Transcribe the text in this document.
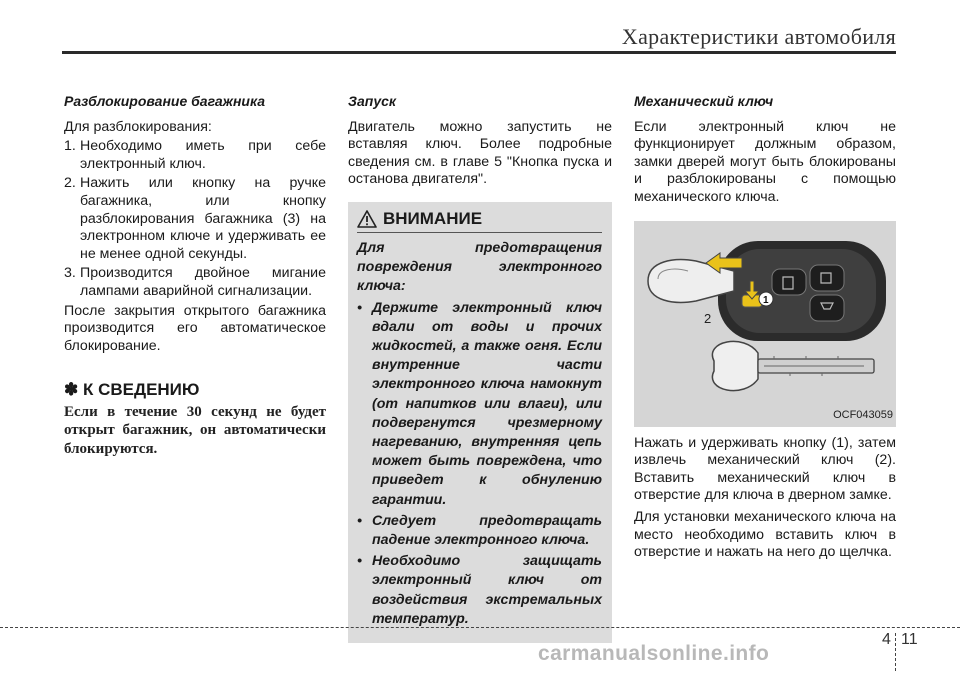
Характеристики автомобиля
Разблокирование багажника
Для разблокирования:
1. Необходимо иметь при себе электронный ключ.
2. Нажить или кнопку на ручке багажника, или кнопку разблокирования багажника (3) на электронном ключе и удерживать ее не менее одной секунды.
3. Производится двойное мигание лампами аварийной сигнализации.
После закрытия открытого багажника производится его автоматическое блокирование.
✽ К СВЕДЕНИЮ
Если в течение 30 секунд не будет открыт багажник, он автоматически блокируются.
Запуск
Двигатель можно запустить не вставляя ключ. Более подробные сведения см. в главе 5 "Кнопка пуска и останова двигателя".
ВНИМАНИЕ
Для предотвращения повреждения электронного ключа:
• Держите электронный ключ вдали от воды и прочих жидкостей, а также огня. Если внутренние части электронного ключа намокнут (от напитков или влаги), или подвергнутся чрезмерному нагреванию, внутренняя цепь может быть повреждена, что приведет к обнулению гарантии.
• Следует предотвращать падение электронного ключа.
• Необходимо защищать электронный ключ от воздействия экстремальных температур.
Механический ключ
Если электронный ключ не функционирует должным образом, замки дверей могут быть блокированы и разблокированы с помощью механического ключа.
1
2
OCF043059
Нажать и удерживать кнопку (1), затем извлечь механический ключ (2). Вставить механический ключ в отверстие для ключа в дверном замке.
Для установки механического ключа на место необходимо вставить ключ в отверстие и нажать на него до щелчка.
4 11
carmanualsonline.info
